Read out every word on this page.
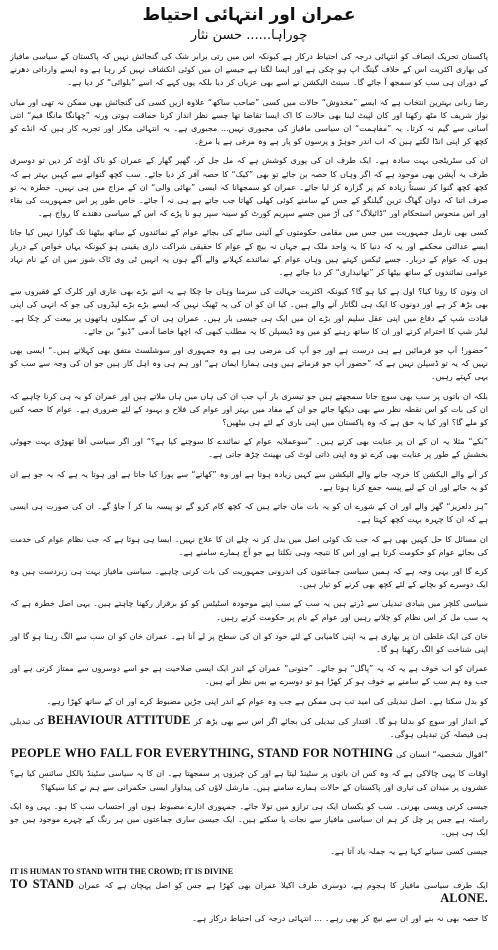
عمران اور انتہائی احتیاط
چوراہا...... حسن نثار

پاکستان تحریک انصاف کو انتہائی درجہ کی احتیاط درکار ہے کیونکہ اس میں رتی برابر شک کی گنجائش نہیں کہ پاکستان کے سیاسی مافیاز کی بھاری اکثریت اس کے خلاف گینگ اپ ہو چکی ہے اور ایسا لگتا ہے جیسے ان میں کوئی انکشاف نہیں کر رہا ہے وہ ایسے وارداتی دھرنے کے دوران ہی سب کو سمجھ آ جائے گا۔ سینٹ الیکشن نے اسے بھی عریاں کر دیا بلکہ یوں کہے کہ اسے ”بلوائی“ کر دیا ہے۔

رضا ربانی بہترین انتخاب ہے کہ ایسے ”مخدوش“ حالات میں کسی ”صاحب ساکھ“ علاوہ ازیں کسی کی گنجائش بھی ممکن نہ تھی اور میاں نواز شریف کا مٹھ رکھنا اور کان لپیٹ لینا بھی حالات کا اک ایسا تقاضا تھا جسے نظر انداز کرنا حماقت ہوتی ورنہ ”چھانگا مانگا فیم“ اتنی آسانی سے گیم نہ کرتا۔ یہ ”مفاہمت“ ان سیاسی مافیاز کی مجبوری نہیں... مجبوری ہے۔ یہ انتہائی مکار اور تجربہ کار ہیں کہ انڈے کو کچھ کر اپنی انڈا لگتے ہیں کہ اب اندر جوہڑ و پرسوں کو پار ہے وہ مرغی ہے یا مرغ۔

ان کی سٹریٹجی بہت سادہ ہے۔ ایک طرف ان کی پوری کوشش ہے کہ مل جل کر، گھیر گھار کے عمران کو ناک آؤٹ کر دیں تو دوسری طرف یہ آپشن بھی موجود ہے کہ اگر وہاں کا حصہ بن جائے تو بھی ”کیک“ کا حصہ آفر کر دیا جائے۔ سب کچھ گنوانے سے کہیں بہتر ہے کہ کچھ کچھ گنوا کر نسبتاً زیادہ کم پر گزارہ کر لیا جائے۔ عمران کو سمجھانا کہ ایسی ”بھائی والی“ ان کے مزاج میں ہی نہیں۔ خطرہ یہ تو صرف اتنا کہ دوان گھاگ ترین گیلنگو کے جس کے سامنے کوئی کھلی کھاتا جب جاتے ہے ہی نہ آ جائے۔ خاص طور پر اس جمہوریت کی بقاء اور اس منحوس استحکام اور ”ڈائیلاگ“ کی آڑ میں جسے سپریم کورٹ کو سینہ سپر ہو نا پڑے کہ اس کے سیاسی دھندے کا رواج ہے۔

کسی بھی نارمل جمہوریت میں جس میں مقامی حکومتوں کے آئینی سائے کی بجائے عوام کے نمائندوں کے ساتھ بیٹھنا تک گوارا نہیں کیا جاتا ایسے عدالتی محکمے اور یہ کہ دنیا کا یہ واحد ملک ہے جہاں نہ بیچ کے عوام کا حقیقی شراکت داری یقینی ہو کیونکہ یہاں خواص کے دربار ہوں کہ عوام کے دربار۔ جسے ٹیکس کہتے ہیں وہاں عوام کے نمائندے کہلانے والے آگے ہوں یہ انہیں ٹی وی ٹاک شوز میں ان کے نام نہاد عوامی نمائندوں کے ساتھ بیٹھا کر ”تھانیداری“ کر دیا جائے ہے۔

ان ونون کا رونا کیا؟ اول ہے کیا ہو گا؟ کیونکہ اکثریت جہالت کی سرمنا وہاں جا چکا ہے یہ اتنے بڑے بھی عاری اور کلرک کے فقیروں سے بھی بڑھ کر ہے اور دونوں کا ایک ہی لگاتار آنے والے ہیں۔ کیا ان کو ان کی یہ ٹھیک نہیں کہ ایسے بڑے بڑے لیڈروں کی جو کہ انہی کی اپنی قیادت شپ کے دفاع میں اپنی عقل سلیم اور بڑے ان میں ایک ہی جیسی بار ہیں۔ عمران ہی ان کے سکلوں ہاتھوں پر بیعت کر چکا ہے۔ لیڈر شپ کا احترام کرنے اور ان کا ساتھ رہنے کو میں وہ ڈیسپلن کا یہ مطلب کبھی کہ اچھا خاصا آدمی ”ڈیو“ بن جائے۔

”حضور! آپ جو فرمائیں ہے ہی درست ہے اور جو آپ کی مرضی ہی ہے وہ جمہوری اور سوشلسٹ متفق بھی کہلاتے ہیں۔“ ایسی بھی نہیں کہ یہ تو ڈسپلن نہیں ہے کہ ”حضور آپ جو فرماتے ہیں وہی ہمارا ایمان ہے“ اور ہم ہی وہ اہل کار ہیں جو ان کی وجہ سے سب کو یہی کہتے رہیں۔

بلکہ ان باتوں پر سب بھی سوچ جانا سمجھتے ہیں جو تیسری بار آپ جب ان کی ہاں میں ہاں ملاتے ہیں اور عمران کو یہ ہی کرنا چاہیے کہ ان کی بات کو اس نقطہ نظر سے بھی دیکھا جائے جو ان کے مفاد میں بہتر اور عوام کی فلاح و بہبود کے لئے ضروری ہے۔ عوام کا حصہ کس کو ملے گا؟ اور کیا یہ حق ہے کہ وہ پاکستان میں اپنی باری کے لئے ہی بیٹھیں؟

”نکے“ مثلا یہ ان کے ان پر عنایت بھی کرتے ہیں۔ ”سوعملایہ عوام کے نمائندے کا سوچنے کیا ہے؟“ اور اگر سیاسی آقا تھوڑی بہت جھوٹی بخشش کے طور پر عنایت بھی کرے تو وہ اپنی ذاتی لوٹ کی بھینٹ چڑھ جاتی ہے۔

کر آنے والے الیکشن کا خرچہ جانے والے الیکشن سے کہیں زیادہ ہوتا ہے اور وہ ”کھاتے“ سے پورا کیا جاتا ہے اور ہوتا یہ ہے کہ یہ جو ہے ان کو یہ جائے اور ان کے لیے پیسہ جمع کرنا ہوتا ہے۔

”ہر دلعزیز“ گھر والے اور ان کے شورے ان کو یہ بات مان جاتے ہیں کہ کچھ کام کرو گے تو پیسہ بنا کر آ جاؤ گے۔ ان کی صورت ہی ایسی ہے کہ ان کا چہرہ بہت کچھ کہتا ہے۔

ان مسائل کا حل کہیں بھی ہے کہ جب تک کوئی اصل میں بدل کر نہ چلے ان کا علاج نہیں۔ ایسا ہی ہوتا ہے کہ جب نظام عوام کی خدمت کی بجائے عوام کو حکومت کرتا ہے اور اس کا نتیجہ وہی نکلتا ہے جو آج ہمارے سامنے ہے۔

کرے گا اور یہی وجہ ہے کہ ہمیں سیاسی جماعتوں کی اندرونی جمہوریت کی بات کرنی چاہیے۔ سیاسی مافیاز بہت ہی زبردست ہیں وہ ایک دوسرے کو بچانے کے لئے کچھ بھی کرنے کو تیار ہیں۔

سیاسی کلچر میں بنیادی تبدیلی سے ڈرتے ہیں یہ سب کے سب اپنے موجودہ اسٹیٹس کو کو برقرار رکھنا چاہتے ہیں۔ یہی اصل خطرہ ہے کہ یہ سب مل کر اس نظام کو چلاتے رہیں اور عوام کے نام پر حکومت کرتے رہیں۔

خان کی ایک غلطی ان پر بھاری ہے یہ اپنی کامیابی کے لئے خود کو ان کی سطح پر لے آنا ہے۔ عمران خان کو ان سب سے الگ رہنا ہو گا اور اپنی شناخت کو الگ رکھنا ہو گا۔

عمران کو اب خوف ہے یہ کہ یہ ”پاگل“ ہو جائے۔ ”جنونی“ عمران کے اندر ایک ایسی صلاحیت ہے جو اسے دوسروں سے ممتاز کرتی ہے اور جب وہ ہم سب کے سامنے بے خوف ہو کر کھڑا ہو تو دوسرے بے بس نظر آتے ہیں۔

کو بدل سکتا ہے۔ اصل تبدیلی کی امید تب ہی ممکن ہے جب وہ عوام کے اندر اپنی جڑیں مضبوط کرے اور ان کے ساتھ کھڑا رہے۔

کے انداز اور سوچ کو بدلنا ہو گا۔ اقتدار کی تبدیلی کی بجائے اگر اس سے بھی بڑھ کر ATTITUDE BEHAVIOUR کی تبدیلی ہی فیصلہ کن تبدیلی ہوگی۔

”اقوال شخصیہ“ انسان کی PEOPLE WHO FALL FOR EVERYTHING, STAND FOR NOTHING

اوقات کا یہی چالاکی ہے کہ وہ کس ان باتوں پر سٹینڈ لیتا ہے اور کن چیزوں پر سمجھتا ہے۔ ان کا یہ سیاسی سٹینڈ بالکل سائنس کیا ہے؟ عشروں پر میدان کی تیاری اور پاکستان کے حالات ہمارے سامنے ہیں۔ مارشل لاؤں کی پیداوار ایسی حکمرانی سے ہم نے کیا سیکھا؟

جیسی کرنی ویسی بھرنی۔ سب کو یکساں ایک ہی ترازو میں تولا جائے۔ جمہوری ادارے مضبوط ہوں اور احتساب سب کا ہو۔ یہی وہ ایک راستہ ہے جس پر چل کر ہم ان سیاسی مافیاز سے نجات پا سکتے ہیں۔ ایک جیسی ساری جماعتوں میں ہر رنگ کے چہرے موجود ہیں جو ایک ہی ہیں۔

جیسی کسی سیانے کہا ہے یہ جملہ یاد آتا ہے۔

IT IS HUMAN TO STAND WITH THE CROWD; IT IS DIVINE

ایک طرف سیاسی مافیاز کا ہجوم ہے، دوسری طرف اکیلا عمران بھی کھڑا ہے جس کو اصل پہچان ہے کہ عمران TO STAND ALONE.

کا حصہ بھی نہ بنے اور ان سے نیچ کر بھی رہے۔ ... انتہائی درجہ کی احتیاط درکار ہے۔
